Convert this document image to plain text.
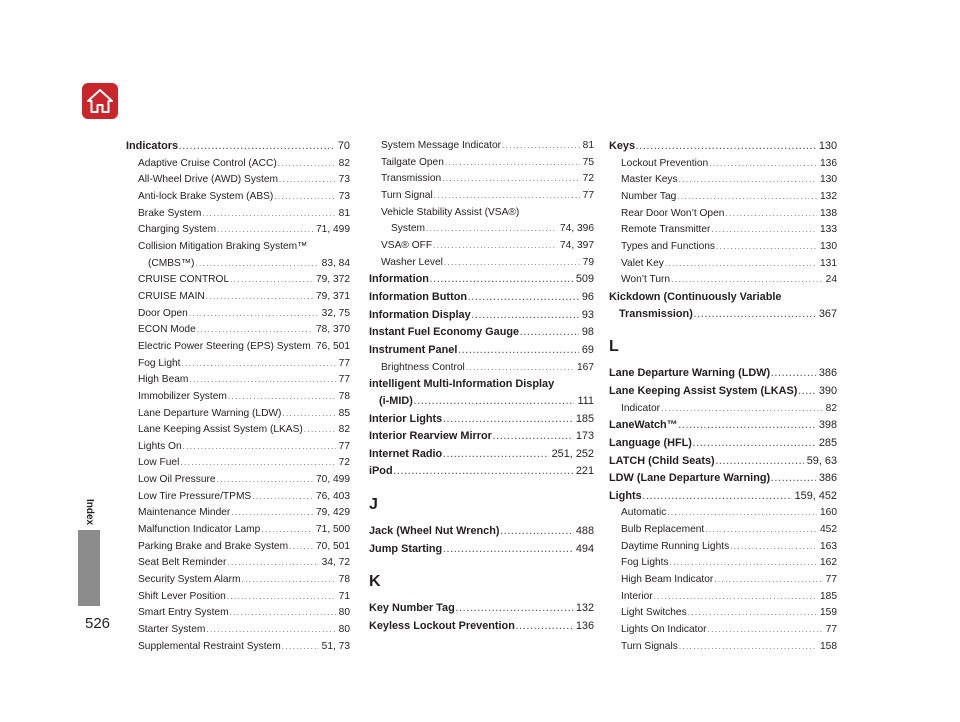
Index
526
Indicators .....	70
Adaptive Cruise Control (ACC) .....	82
All-Wheel Drive (AWD) System .....	73
Anti-lock Brake System (ABS) .....	73
Brake System .....	81
Charging System .....	71, 499
Collision Mitigation Braking System™
(CMBS™) .....	83, 84
CRUISE CONTROL .....	79, 372
CRUISE MAIN .....	79, 371
Door Open .....	32, 75
ECON Mode .....	78, 370
Electric Power Steering (EPS) System ..... 76, 501
Fog Light .....	77
High Beam .....	77
Immobilizer System .....	78
Lane Departure Warning (LDW) .....	85
Lane Keeping Assist System (LKAS) .....	82
Lights On .....	77
Low Fuel .....	72
Low Oil Pressure .....	70, 499
Low Tire Pressure/TPMS .....	76, 403
Maintenance Minder .....	79, 429
Malfunction Indicator Lamp .....	71, 500
Parking Brake and Brake System .....	70, 501
Seat Belt Reminder .....	34, 72
Security System Alarm .....	78
Shift Lever Position .....	71
Smart Entry System .....	80
Starter System .....	80
Supplemental Restraint System .....	51, 73
System Message Indicator .....	81
Tailgate Open .....	75
Transmission .....	72
Turn Signal .....	77
Vehicle Stability Assist (VSA®)
System .....	74, 396
VSA® OFF .....	74, 397
Washer Level .....	79
Information .....	509
Information Button .....	96
Information Display .....	93
Instant Fuel Economy Gauge .....	98
Instrument Panel .....	69
Brightness Control .....	167
intelligent Multi-Information Display
(i-MID) .....	111
Interior Lights .....	185
Interior Rearview Mirror .....	173
Internet Radio .....	251, 252
iPod .....	221
J
Jack (Wheel Nut Wrench) .....	488
Jump Starting .....	494
K
Key Number Tag .....	132
Keyless Lockout Prevention .....	136
Keys .....	130
Lockout Prevention .....	136
Master Keys .....	130
Number Tag .....	132
Rear Door Won’t Open .....	138
Remote Transmitter .....	133
Types and Functions .....	130
Valet Key .....	131
Won’t Turn .....	24
Kickdown (Continuously Variable
Transmission) .....	367
L
Lane Departure Warning (LDW) .....	386
Lane Keeping Assist System (LKAS) ..... 390
Indicator .....	82
LaneWatch™ .....	398
Language (HFL) .....	285
LATCH (Child Seats) .....	59, 63
LDW (Lane Departure Warning) .....	386
Lights .....	159, 452
Automatic .....	160
Bulb Replacement .....	452
Daytime Running Lights .....	163
Fog Lights .....	162
High Beam Indicator .....	77
Interior .....	185
Light Switches .....	159
Lights On Indicator .....	77
Turn Signals .....	158
